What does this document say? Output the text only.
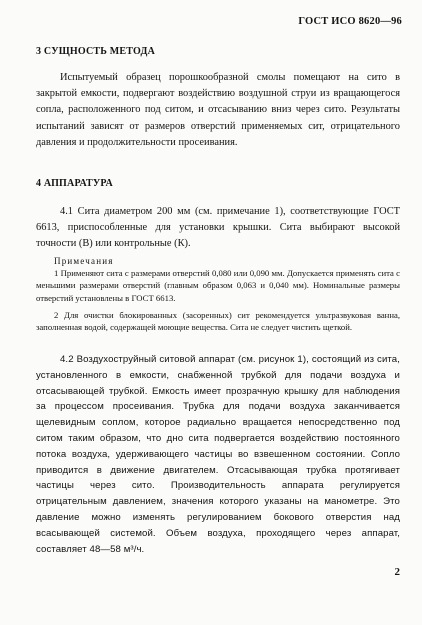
ГОСТ ИСО 8620—96
3 СУЩНОСТЬ МЕТОДА
Испытуемый образец порошкообразной смолы помещают на сито в закрытой емкости, подвергают воздействию воздушной струи из вращающегося сопла, расположенного под ситом, и отсасыванию вниз через сито. Результаты испытаний зависят от размеров отверстий применяемых сит, отрицательного давления и продолжительности просеивания.
4 АППАРАТУРА
4.1 Сита диаметром 200 мм (см. примечание 1), соответствующие ГОСТ 6613, приспособленные для установки крышки. Сита выбирают высокой точности (В) или контрольные (К).
Примечания
1 Применяют сита с размерами отверстий 0,080 или 0,090 мм. Допускается применять сита с меньшими размерами отверстий (главным образом 0,063 и 0,040 мм). Номинальные размеры отверстий установлены в ГОСТ 6613.
2 Для очистки блокированных (засоренных) сит рекомендуется ультразвуковая ванна, заполненная водой, содержащей моющие вещества. Сита не следует чистить щеткой.
4.2 Воздухоструйный ситовой аппарат (см. рисунок 1), состоящий из сита, установленного в емкости, снабженной трубкой для подачи воздуха и отсасывающей трубкой. Емкость имеет прозрачную крышку для наблюдения за процессом просеивания. Трубка для подачи воздуха заканчивается щелевидным соплом, которое радиально вращается непосредственно под ситом таким образом, что дно сита подвергается воздействию постоянного потока воздуха, удерживающего частицы во взвешенном состоянии. Сопло приводится в движение двигателем. Отсасывающая трубка протягивает частицы через сито. Производительность аппарата регулируется отрицательным давлением, значения которого указаны на манометре. Это давление можно изменять регулированием бокового отверстия над всасывающей системой. Объем воздуха, проходящего через аппарат, составляет 48—58 м³/ч.
2
